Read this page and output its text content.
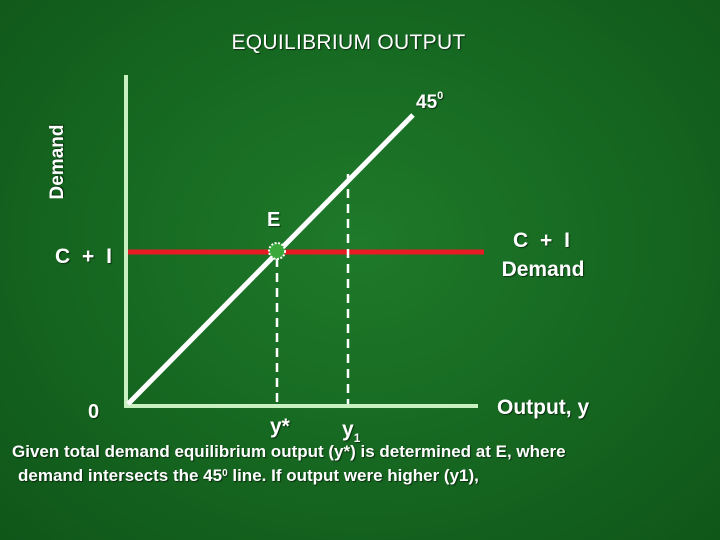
EQUILIBRIUM OUTPUT
Demand
$45^0$
E
C + I
C + I
Demand
0
y* $y_1$
Output, y
Given total demand equilibrium output (y*) is determined at E, where
demand intersects the $45^0$ line. If output were higher (y1),
